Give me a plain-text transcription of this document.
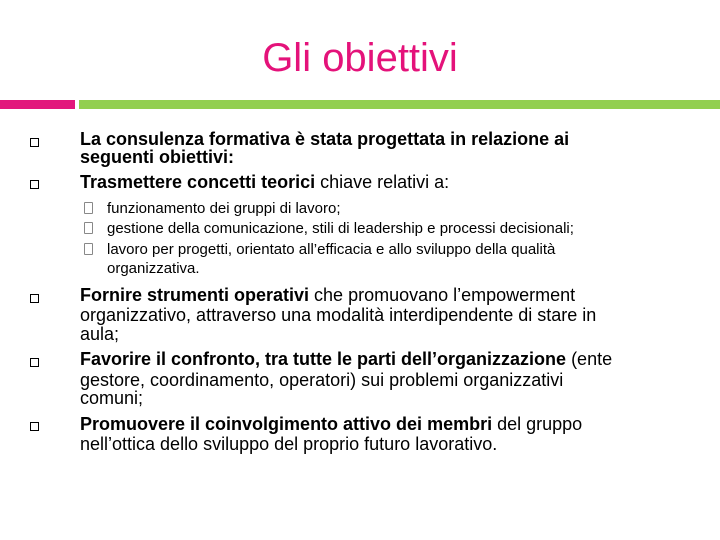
Gli obiettivi
La consulenza formativa è stata progettata in relazione ai
seguenti obiettivi:
Trasmettere concetti teorici chiave relativi a:
funzionamento dei gruppi di lavoro;
gestione della comunicazione, stili di leadership e processi decisionali;
lavoro per progetti, orientato all’efficacia e allo sviluppo della qualità
organizzativa.
Fornire strumenti operativi che promuovano l’empowerment
organizzativo, attraverso una modalità interdipendente di stare in
aula;
Favorire il confronto, tra tutte le parti dell’organizzazione (ente
gestore, coordinamento, operatori) sui problemi organizzativi
comuni;
Promuovere il coinvolgimento attivo dei membri del gruppo
nell’ottica dello sviluppo del proprio futuro lavorativo.
